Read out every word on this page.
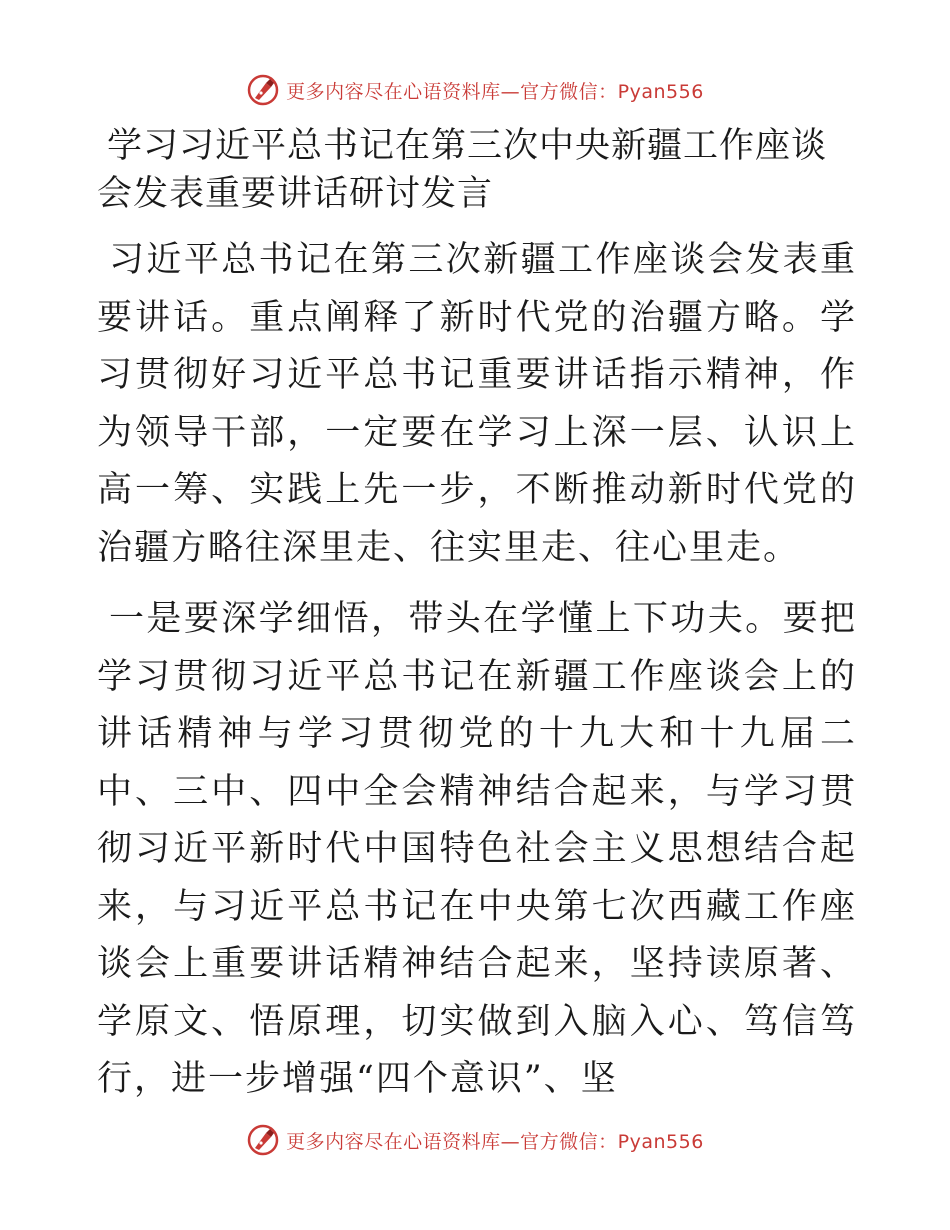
更多内容尽在心语资料库—官方微信：Pyan556
学习习近平总书记在第三次中央新疆工作座谈会发表重要讲话研讨发言

习近平总书记在第三次新疆工作座谈会发表重要讲话。重点阐释了新时代党的治疆方略。学习贯彻好习近平总书记重要讲话指示精神，作为领导干部，一定要在学习上深一层、认识上高一筹、实践上先一步，不断推动新时代党的治疆方略往深里走、往实里走、往心里走。

一是要深学细悟，带头在学懂上下功夫。要把学习贯彻习近平总书记在新疆工作座谈会上的讲话精神与学习贯彻党的十九大和十九届二中、三中、四中全会精神结合起来，与学习贯彻习近平新时代中国特色社会主义思想结合起来，与习近平总书记在中央第七次西藏工作座谈会上重要讲话精神结合起来，坚持读原著、学原文、悟原理，切实做到入脑入心、笃信笃行，进一步增强“四个意识”、坚

更多内容尽在心语资料库—官方微信：Pyan556
